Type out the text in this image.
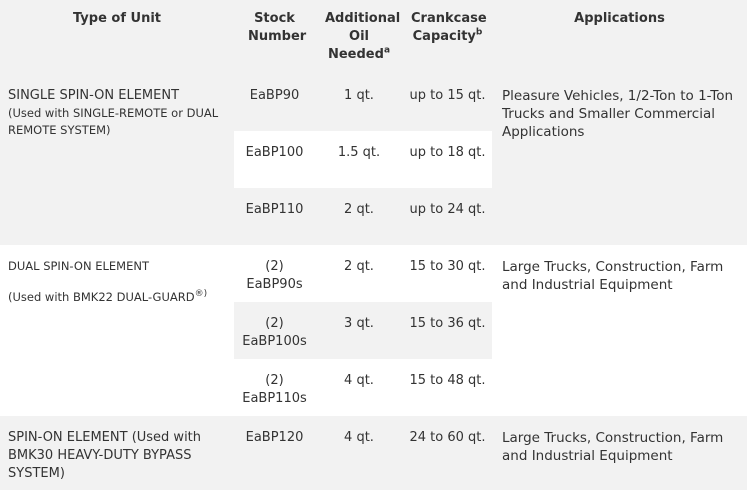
Type of Unit	Stock Number	Additional Oil Needed$^a$	Crankcase Capacity$^b$	Applications

SINGLE SPIN-ON ELEMENT
(Used with SINGLE-REMOTE or DUAL REMOTE SYSTEM)	EaBP90	1 qt.	up to 15 qt.	Pleasure Vehicles, 1/2-Ton to 1-Ton Trucks and Smaller Commercial Applications
	EaBP100	1.5 qt.	up to 18 qt.	
	EaBP110	2 qt.	up to 24 qt.	

DUAL SPIN-ON ELEMENT
(Used with BMK22 DUAL-GUARD®)	(2) EaBP90s	2 qt.	15 to 30 qt.	Large Trucks, Construction, Farm and Industrial Equipment
	(2) EaBP100s	3 qt.	15 to 36 qt.	
	(2) EaBP110s	4 qt.	15 to 48 qt.	

SPIN-ON ELEMENT (Used with BMK30 HEAVY-DUTY BYPASS SYSTEM)	EaBP120	4 qt.	24 to 60 qt.	Large Trucks, Construction, Farm and Industrial Equipment
